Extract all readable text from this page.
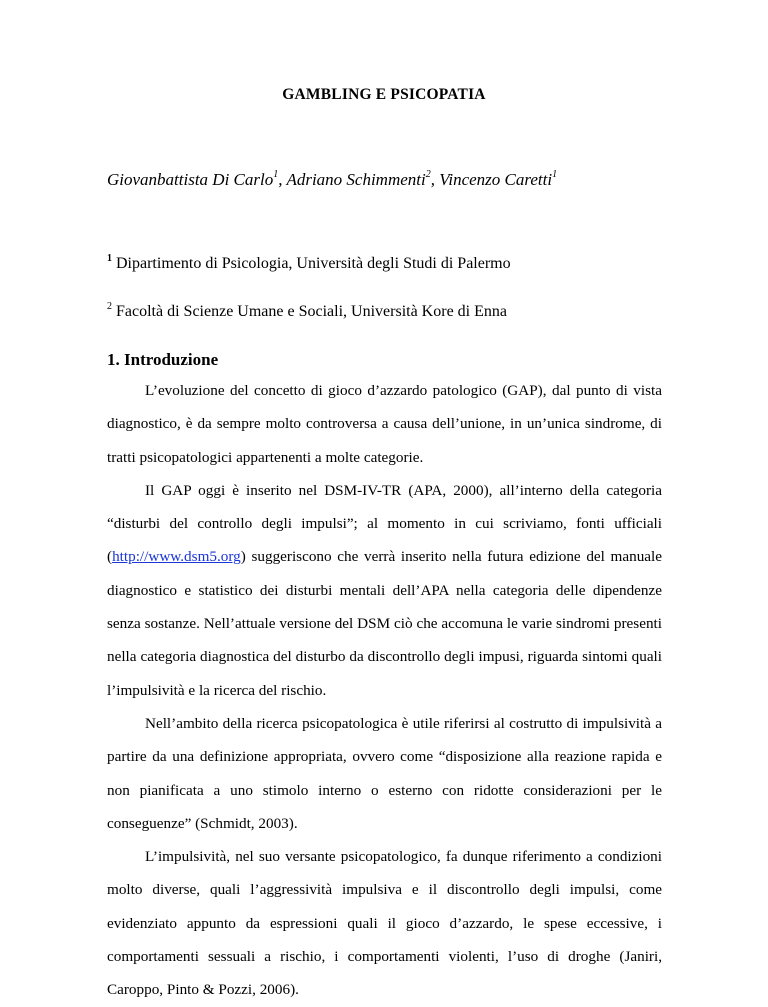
GAMBLING E PSICOPATIA
Giovanbattista Di Carlo$^1$, Adriano Schimmenti$^2$, Vincenzo Caretti$^1$
$^1$ Dipartimento di Psicologia, Università degli Studi di Palermo
$^2$ Facoltà di Scienze Umane e Sociali, Università Kore di Enna
1. Introduzione

L’evoluzione del concetto di gioco d’azzardo patologico (GAP), dal punto di vista diagnostico, è da sempre molto controversa a causa dell’unione, in un’unica sindrome, di tratti psicopatologici appartenenti a molte categorie.

Il GAP oggi è inserito nel DSM-IV-TR (APA, 2000), all’interno della categoria “disturbi del controllo degli impulsi”; al momento in cui scriviamo, fonti ufficiali (http://www.dsm5.org) suggeriscono che verrà inserito nella futura edizione del manuale diagnostico e statistico dei disturbi mentali dell’APA nella categoria delle dipendenze senza sostanze. Nell’attuale versione del DSM ciò che accomuna le varie sindromi presenti nella categoria diagnostica del disturbo da discontrollo degli impusi, riguarda sintomi quali l’impulsività e la ricerca del rischio.

Nell’ambito della ricerca psicopatologica è utile riferirsi al costrutto di impulsività a partire da una definizione appropriata, ovvero come “disposizione alla reazione rapida e non pianificata a uno stimolo interno o esterno con ridotte considerazioni per le conseguenze” (Schmidt, 2003).

L’impulsività, nel suo versante psicopatologico, fa dunque riferimento a condizioni molto diverse, quali l’aggressività impulsiva e il discontrollo degli impulsi, come evidenziato appunto da espressioni quali il gioco d’azzardo, le spese eccessive, i comportamenti sessuali a rischio, i comportamenti violenti, l’uso di droghe (Janiri, Caroppo, Pinto & Pozzi, 2006).
